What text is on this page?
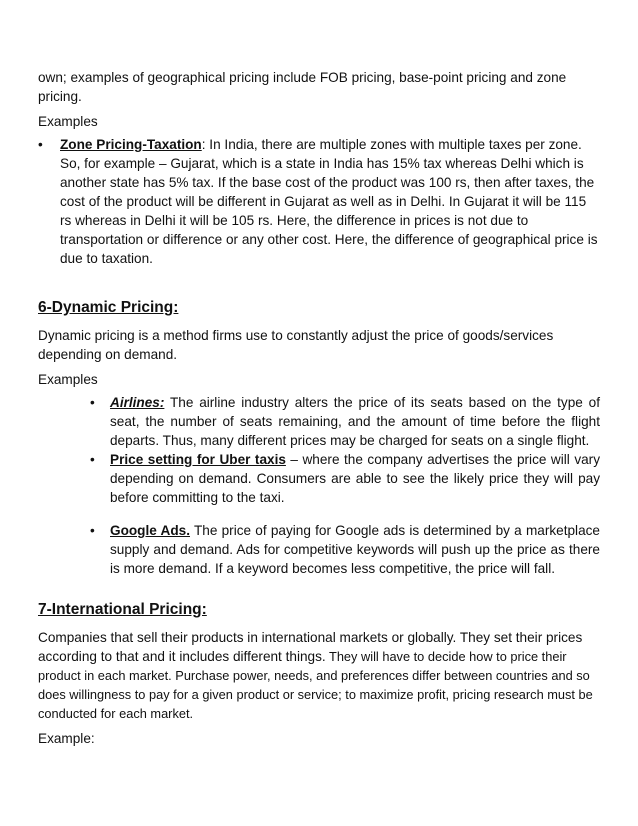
own; examples of geographical pricing include FOB pricing, base-point pricing and zone pricing.

Examples

• Zone Pricing-Taxation: In India, there are multiple zones with multiple taxes per zone. So, for example – Gujarat, which is a state in India has 15% tax whereas Delhi which is another state has 5% tax. If the base cost of the product was 100 rs, then after taxes, the cost of the product will be different in Gujarat as well as in Delhi. In Gujarat it will be 115 rs whereas in Delhi it will be 105 rs. Here, the difference in prices is not due to transportation or difference or any other cost. Here, the difference of geographical price is due to taxation.
6-Dynamic Pricing:

Dynamic pricing is a method firms use to constantly adjust the price of goods/services depending on demand.

Examples

• Airlines: The airline industry alters the price of its seats based on the type of seat, the number of seats remaining, and the amount of time before the flight departs. Thus, many different prices may be charged for seats on a single flight.
• Price setting for Uber taxis – where the company advertises the price will vary depending on demand. Consumers are able to see the likely price they will pay before committing to the taxi.
• Google Ads. The price of paying for Google ads is determined by a marketplace supply and demand. Ads for competitive keywords will push up the price as there is more demand. If a keyword becomes less competitive, the price will fall.
7-International Pricing:

Companies that sell their products in international markets or globally. They set their prices according to that and it includes different things. They will have to decide how to price their product in each market. Purchase power, needs, and preferences differ between countries and so does willingness to pay for a given product or service; to maximize profit, pricing research must be conducted for each market.

Example:
